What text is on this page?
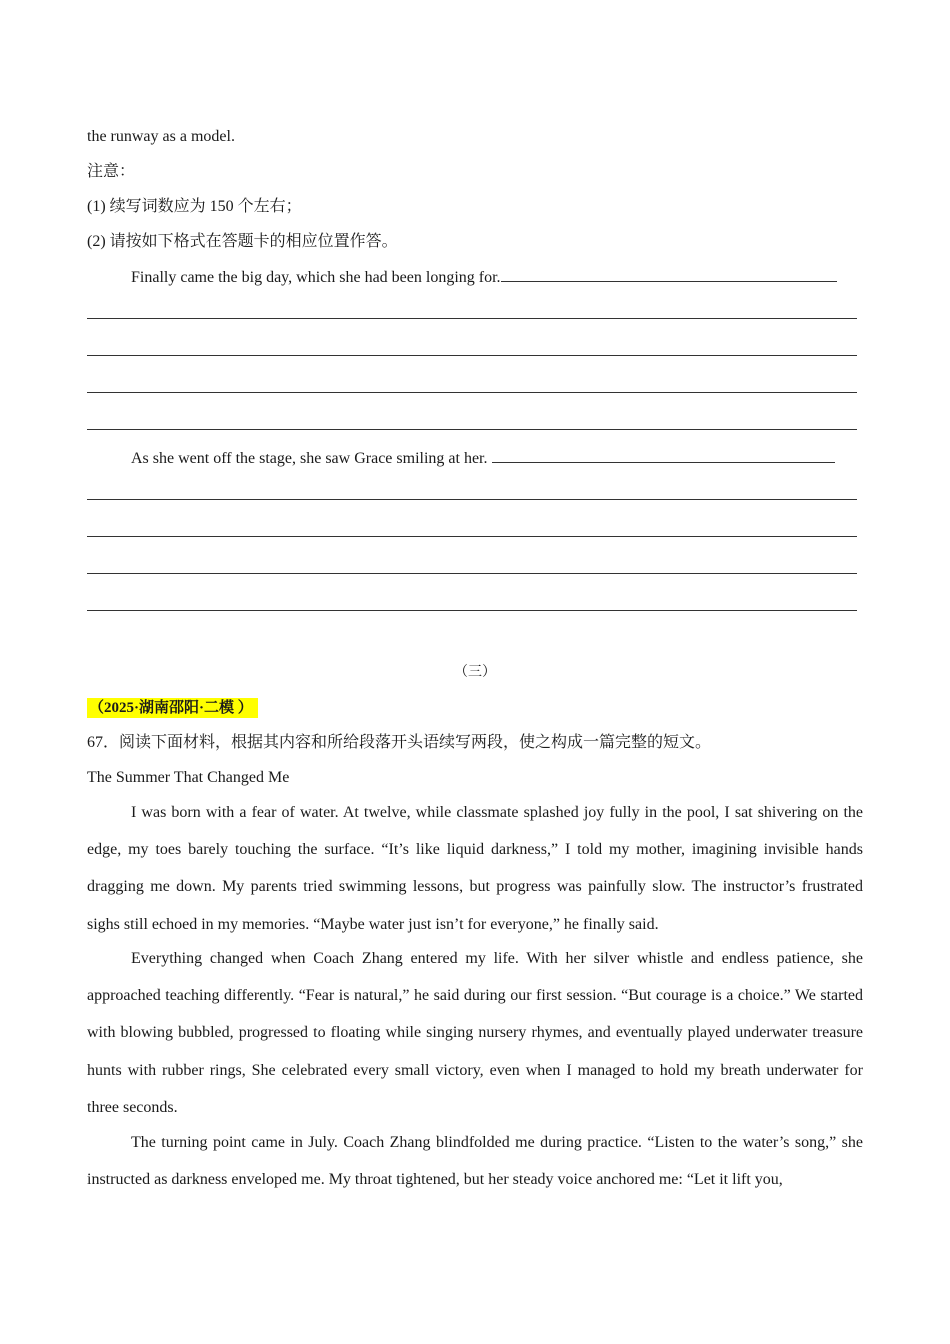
the runway as a model.
注意：
(1) 续写词数应为 150 个左右；
(2) 请按如下格式在答题卡的相应位置作答。
Finally came the big day, which she had been longing for.
As she went off the stage, she saw Grace smiling at her.
（三）
（2025·湖南邵阳·二模 ）
67．阅读下面材料，根据其内容和所给段落开头语续写两段，使之构成一篇完整的短文。
The Summer That Changed Me

I was born with a fear of water. At twelve, while classmate splashed joy fully in the pool, I sat shivering on the edge, my toes barely touching the surface. “It’s like liquid darkness,” I told my mother, imagining invisible hands dragging me down. My parents tried swimming lessons, but progress was painfully slow. The instructor’s frustrated sighs still echoed in my memories. “Maybe water just isn’t for everyone,” he finally said.

Everything changed when Coach Zhang entered my life. With her silver whistle and endless patience, she approached teaching differently. “Fear is natural,” he said during our first session. “But courage is a choice.” We started with blowing bubbled, progressed to floating while singing nursery rhymes, and eventually played underwater treasure hunts with rubber rings, She celebrated every small victory, even when I managed to hold my breath underwater for three seconds.

The turning point came in July. Coach Zhang blindfolded me during practice. “Listen to the water’s song,” she instructed as darkness enveloped me. My throat tightened, but her steady voice anchored me: “Let it lift you,
